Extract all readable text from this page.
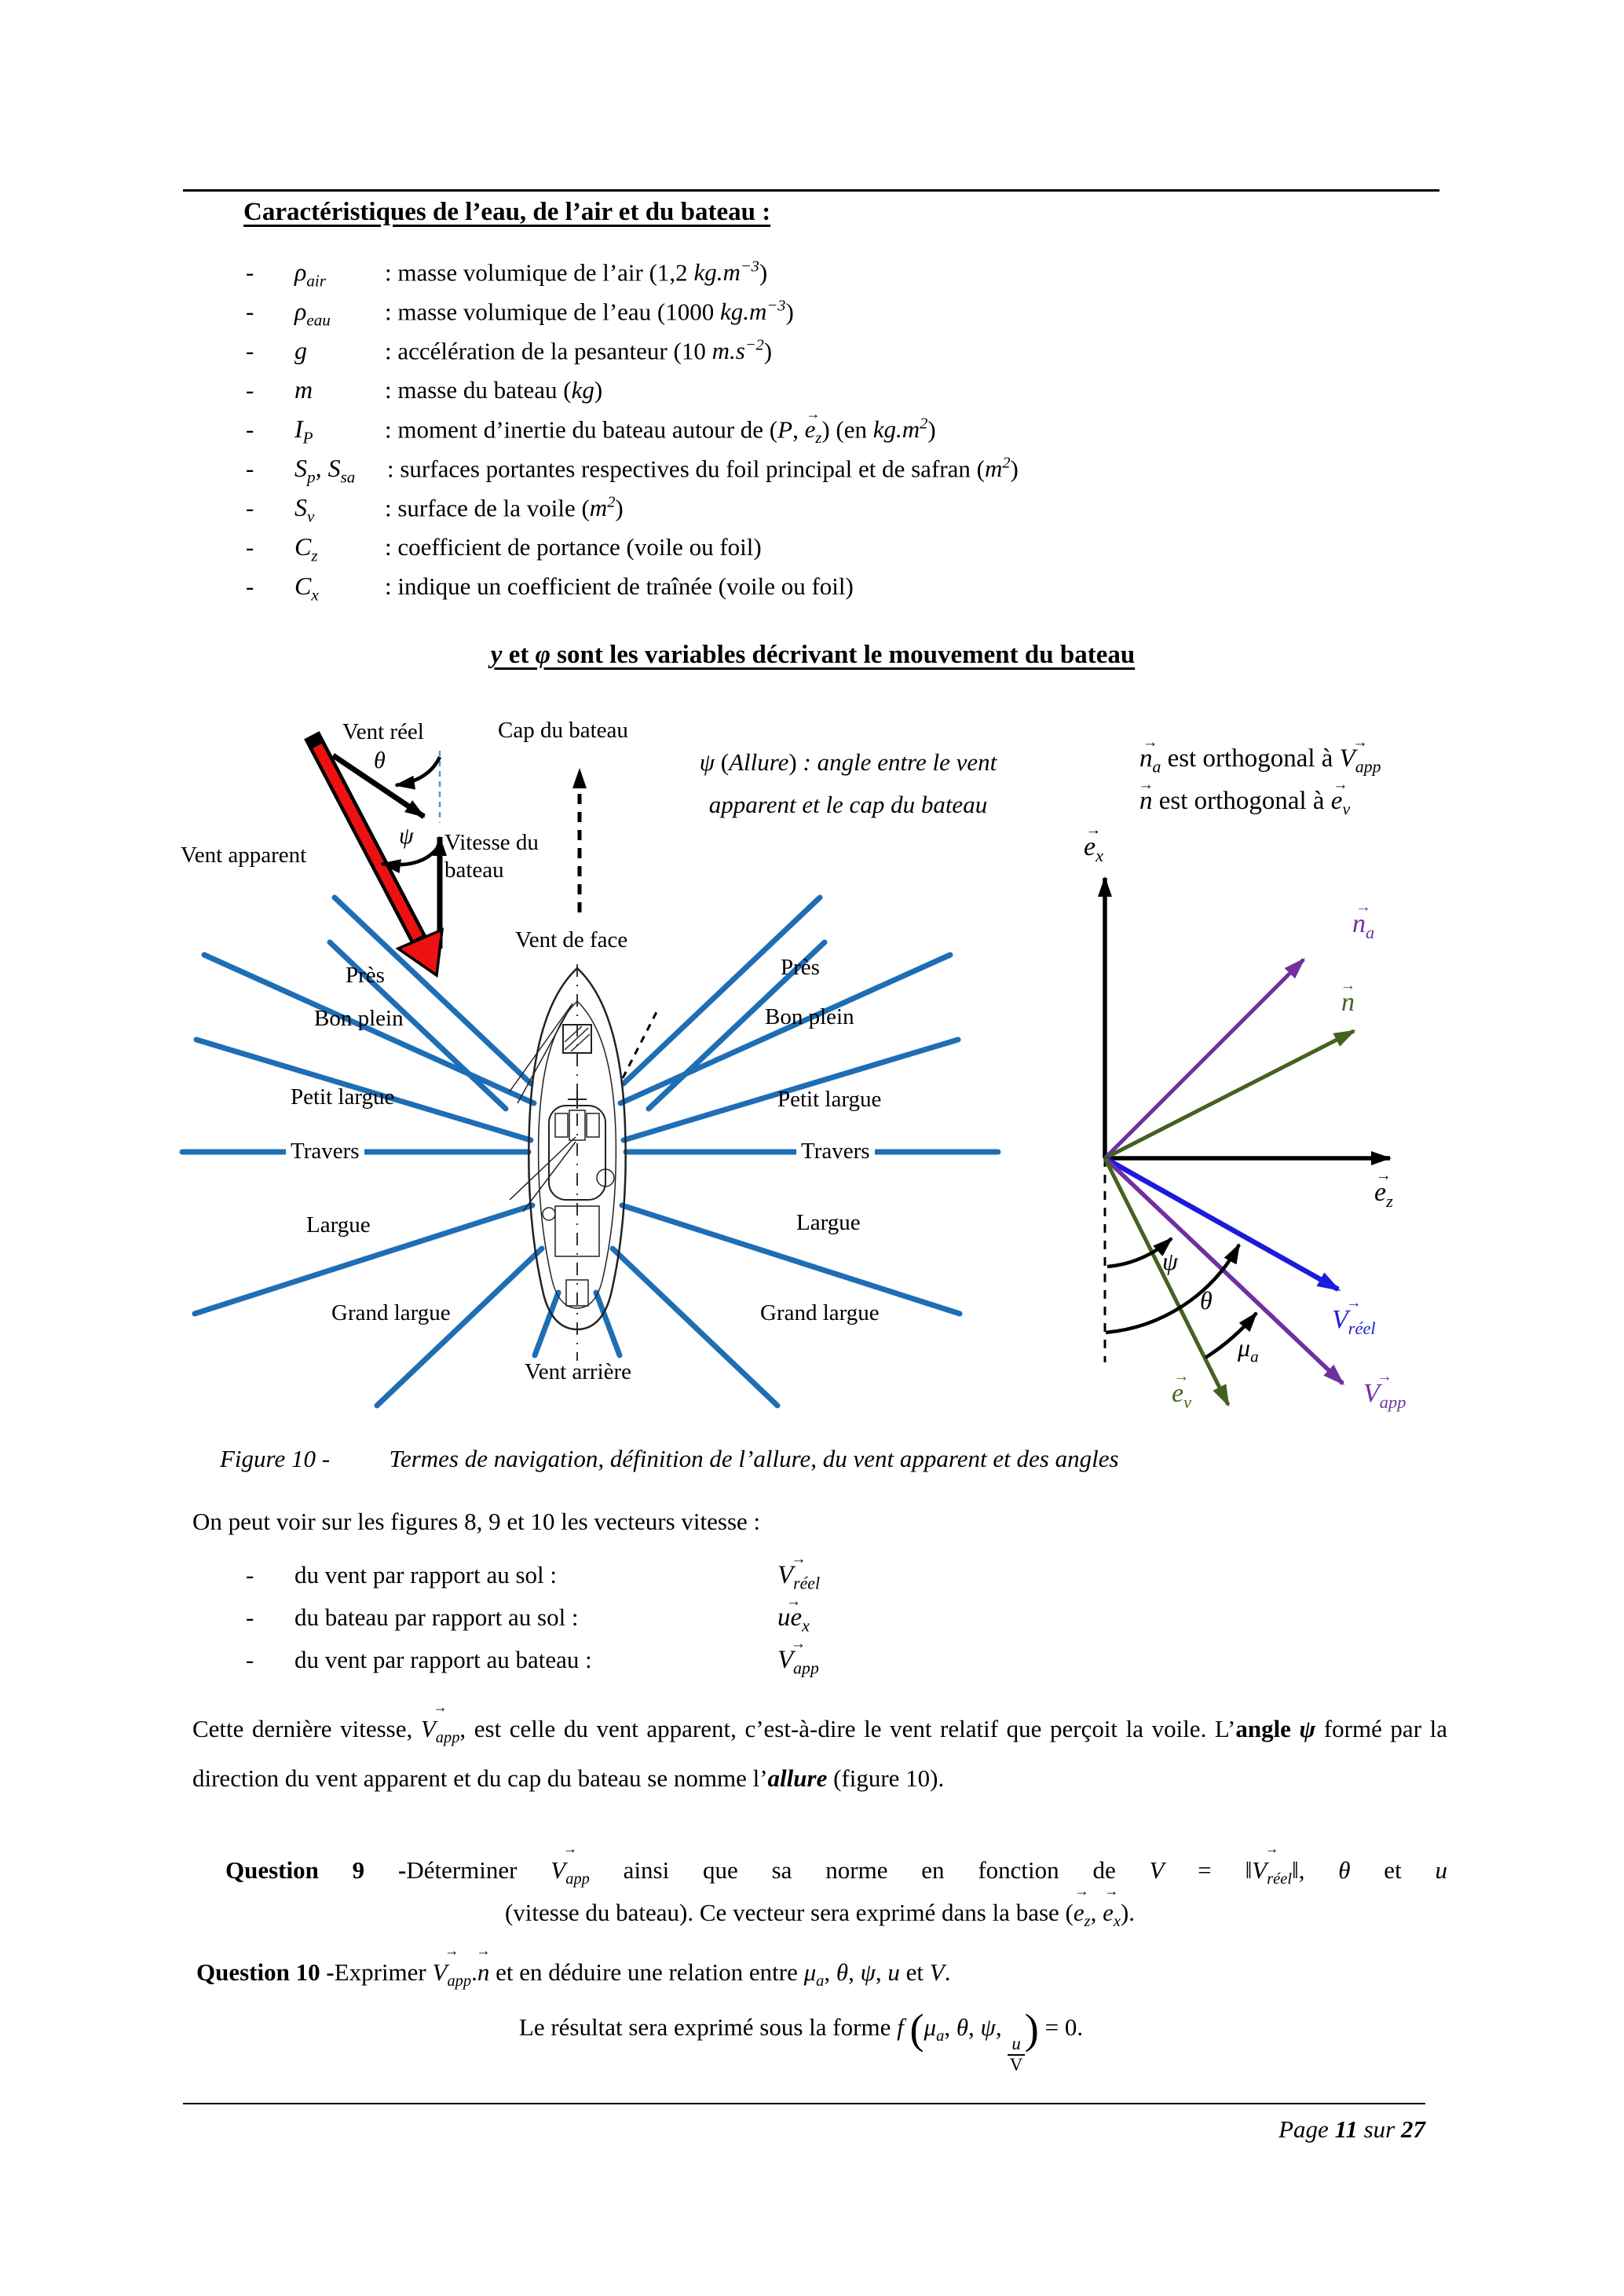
Caractéristiques de l’eau, de l’air et du bateau :
-	$\rho_{air}$	: masse volumique de l’air (1,2 $kg.m^{-3}$)
-	$\rho_{eau}$	: masse volumique de l’eau (1000 $kg.m^{-3}$)
-	g	: accélération de la pesanteur (10 $m.s^{-2}$)
-	m	: masse du bateau (kg)
-	$I_P$	: moment d’inertie du bateau autour de (P, → $e_z$) (en $kg.m^2$)
-	$S_p$, $S_{sa}$	: surfaces portantes respectives du foil principal et de safran $(m^2)$
-	$S_v$	: surface de la voile $(m^2)$
-	$C_z$	: coefficient de portance (voile ou foil)
-	$C_x$	: indique un coefficient de traînée (voile ou foil)
y et φ sont les variables décrivant le mouvement du bateau
Vent réel	Cap du bateau
θ
ψ
Vent apparent	Vitesse du
bateau
Vent de face
ψ (Allure) : angle entre le vent
apparent et le cap du bateau
Près	Près
Bon plein	Bon plein
Petit largue	Petit largue
Travers	Travers
Largue	Largue
Grand largue	Grand largue
Vent arrière
→ $n_a$ est orthogonal à → $V_{app}$
→ n est orthogonal à → $e_v$
→ $e_x$
→ $e_z$
→ $n_a$
→ n
→ $V_{réel}$
→ $V_{app}$
→ $e_v$
ψ
θ
$\mu_a$
Figure 10 - Termes de navigation, définition de l’allure, du vent apparent et des angles
On peut voir sur les figures 8, 9 et 10 les vecteurs vitesse :
-	du vent par rapport au sol :	→ $V_{réel}$
-	du bateau par rapport au sol :	→ $ue_x$
-	du vent par rapport au bateau :	→ $V_{app}$
Cette dernière vitesse, → $V_{app}$, est celle du vent apparent, c’est-à-dire le vent relatif que perçoit la voile. L’angle ψ formé par la direction du vent apparent et du cap du bateau se nomme l’allure (figure 10).
Question 9 -Déterminer → $V_{app}$ ainsi que sa norme en fonction de V = ‖→ $V_{réel}‖$, θ et u
(vitesse du bateau). Ce vecteur sera exprimé dans la base (→ $e_z$, → $e_x$).
Question 10 -Exprimer → $V_{app}.\to n$ et en déduire une relation entre $\mu_a$, θ, ψ, u et V.
Le résultat sera exprimé sous la forme f ($\mu_a$, θ, ψ,
$\frac{u}{V}$
) = 0.
Page 11 sur 27
